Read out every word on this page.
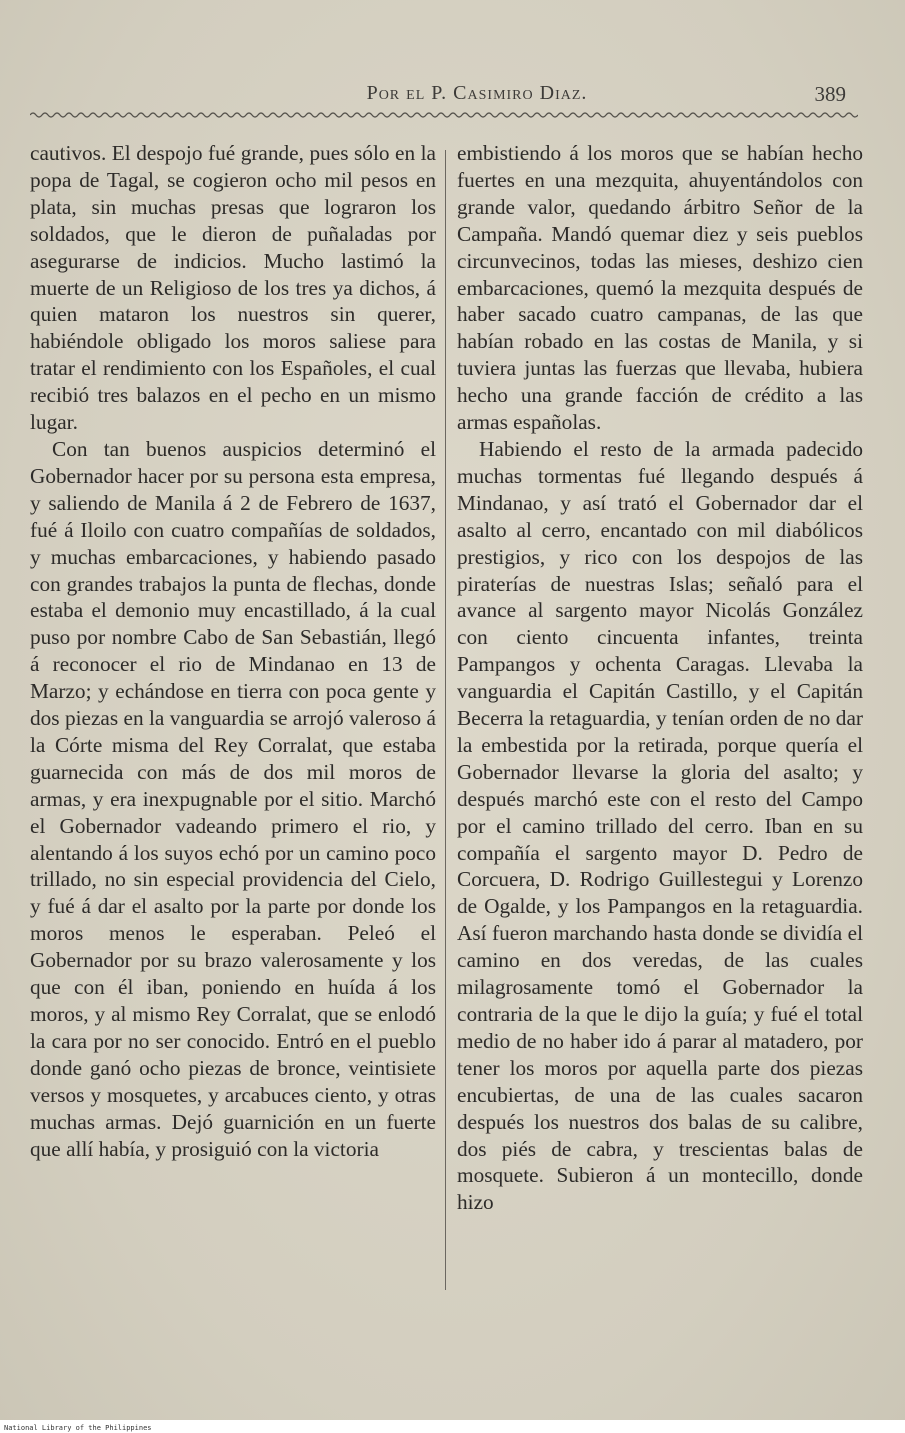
Por el P. Casimiro Diaz.	389

cautivos. El despojo fué grande, pues sólo en la popa de Tagal, se cogieron ocho mil pesos en plata, sin muchas presas que lograron los soldados, que le dieron de puñaladas por asegurarse de indicios. Mucho lastimó la muerte de un Religioso de los tres ya dichos, á quien mataron los nuestros sin querer, habiéndole obligado los moros saliese para tratar el rendimiento con los Españoles, el cual recibió tres balazos en el pecho en un mismo lugar.

Con tan buenos auspicios determinó el Gobernador hacer por su persona esta empresa, y saliendo de Manila á 2 de Febrero de 1637, fué á Iloilo con cuatro compañías de soldados, y muchas embarcaciones, y habiendo pasado con grandes trabajos la punta de flechas, donde estaba el demonio muy encastillado, á la cual puso por nombre Cabo de San Sebastián, llegó á reconocer el rio de Mindanao en 13 de Marzo; y echándose en tierra con poca gente y dos piezas en la vanguardia se arrojó valeroso á la Córte misma del Rey Corralat, que estaba guarnecida con más de dos mil moros de armas, y era inexpugnable por el sitio. Marchó el Gobernador vadeando primero el rio, y alentando á los suyos echó por un camino poco trillado, no sin especial providencia del Cielo, y fué á dar el asalto por la parte por donde los moros menos le esperaban. Peleó el Gobernador por su brazo valerosamente y los que con él iban, poniendo en huída á los moros, y al mismo Rey Corralat, que se enlodó la cara por no ser conocido. Entró en el pueblo donde ganó ocho piezas de bronce, veintisiete versos y mosquetes, y arcabuces ciento, y otras muchas armas. Dejó guarnición en un fuerte que allí había, y prosiguió con la victoria

embistiendo á los moros que se habían hecho fuertes en una mezquita, ahuyentándolos con grande valor, quedando árbitro Señor de la Campaña. Mandó quemar diez y seis pueblos circunvecinos, todas las mieses, deshizo cien embarcaciones, quemó la mezquita después de haber sacado cuatro campanas, de las que habían robado en las costas de Manila, y si tuviera juntas las fuerzas que llevaba, hubiera hecho una grande facción de crédito a las armas españolas.

Habiendo el resto de la armada padecido muchas tormentas fué llegando después á Mindanao, y así trató el Gobernador dar el asalto al cerro, encantado con mil diabólicos prestigios, y rico con los despojos de las piraterías de nuestras Islas; señaló para el avance al sargento mayor Nicolás González con ciento cincuenta infantes, treinta Pampangos y ochenta Caragas. Llevaba la vanguardia el Capitán Castillo, y el Capitán Becerra la retaguardia, y tenían orden de no dar la embestida por la retirada, porque quería el Gobernador llevarse la gloria del asalto; y después marchó este con el resto del Campo por el camino trillado del cerro. Iban en su compañía el sargento mayor D. Pedro de Corcuera, D. Rodrigo Guillestegui y Lorenzo de Ogalde, y los Pampangos en la retaguardia. Así fueron marchando hasta donde se dividía el camino en dos veredas, de las cuales milagrosamente tomó el Gobernador la contraria de la que le dijo la guía; y fué el total medio de no haber ido á parar al matadero, por tener los moros por aquella parte dos piezas encubiertas, de una de las cuales sacaron después los nuestros dos balas de su calibre, dos piés de cabra, y trescientas balas de mosquete. Subieron á un montecillo, donde hizo

National Library of the Philippines
